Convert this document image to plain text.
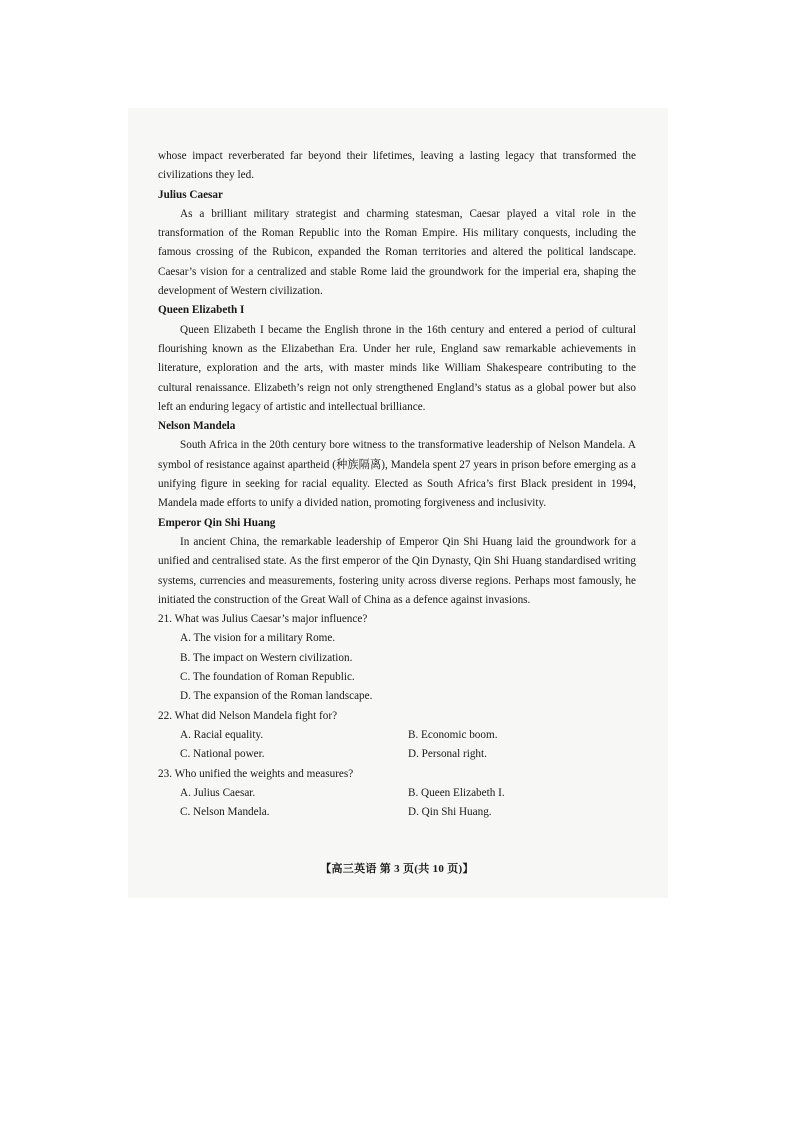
whose impact reverberated far beyond their lifetimes, leaving a lasting legacy that transformed the civilizations they led.

Julius Caesar

As a brilliant military strategist and charming statesman, Caesar played a vital role in the transformation of the Roman Republic into the Roman Empire. His military conquests, including the famous crossing of the Rubicon, expanded the Roman territories and altered the political landscape. Caesar’s vision for a centralized and stable Rome laid the groundwork for the imperial era, shaping the development of Western civilization.

Queen Elizabeth I

Queen Elizabeth I became the English throne in the 16th century and entered a period of cultural flourishing known as the Elizabethan Era. Under her rule, England saw remarkable achievements in literature, exploration and the arts, with master minds like William Shakespeare contributing to the cultural renaissance. Elizabeth’s reign not only strengthened England’s status as a global power but also left an enduring legacy of artistic and intellectual brilliance.

Nelson Mandela

South Africa in the 20th century bore witness to the transformative leadership of Nelson Mandela. A symbol of resistance against apartheid (种族隔离), Mandela spent 27 years in prison before emerging as a unifying figure in seeking for racial equality. Elected as South Africa’s first Black president in 1994, Mandela made efforts to unify a divided nation, promoting forgiveness and inclusivity.

Emperor Qin Shi Huang

In ancient China, the remarkable leadership of Emperor Qin Shi Huang laid the groundwork for a unified and centralised state. As the first emperor of the Qin Dynasty, Qin Shi Huang standardised writing systems, currencies and measurements, fostering unity across diverse regions. Perhaps most famously, he initiated the construction of the Great Wall of China as a defence against invasions.

21. What was Julius Caesar’s major influence?

A. The vision for a military Rome.

B. The impact on Western civilization.

C. The foundation of Roman Republic.

D. The expansion of the Roman landscape.

22. What did Nelson Mandela fight for?

A. Racial equality.	B. Economic boom.

C. National power.	D. Personal right.

23. Who unified the weights and measures?

A. Julius Caesar.	B. Queen Elizabeth I.

C. Nelson Mandela.	D. Qin Shi Huang.

【高三英语 第 3 页(共 10 页)】
